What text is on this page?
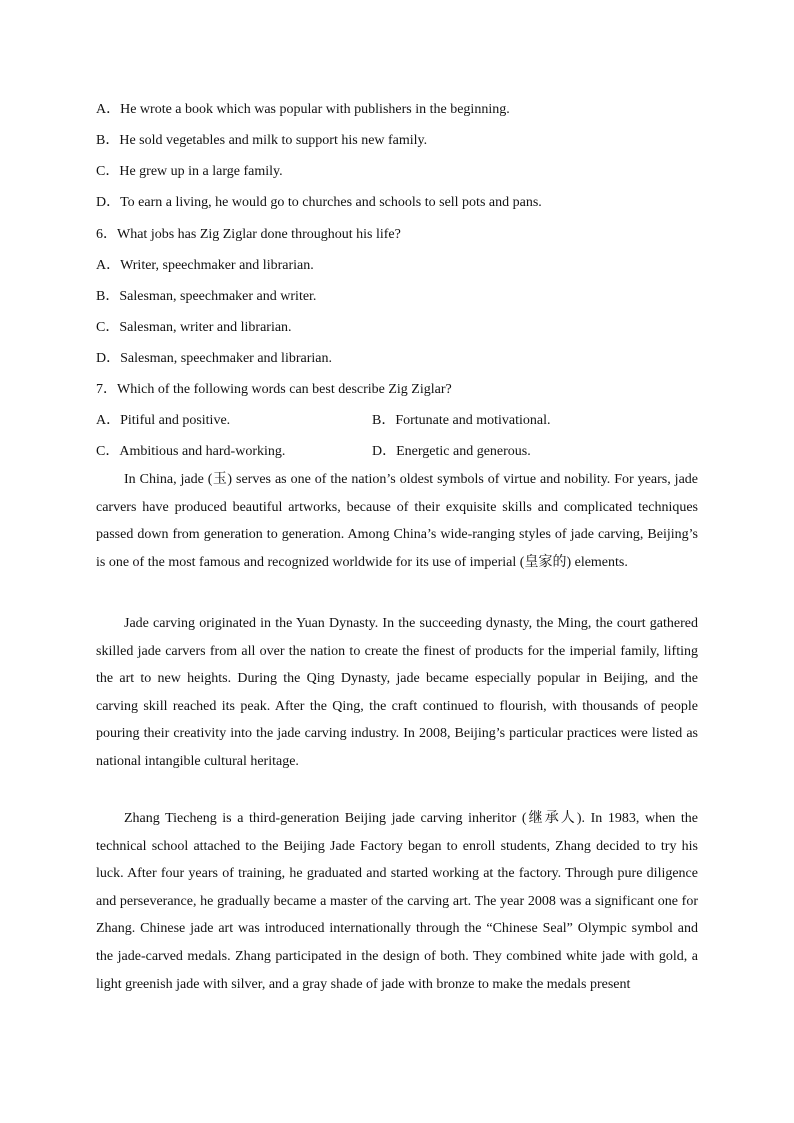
A．He wrote a book which was popular with publishers in the beginning.
B．He sold vegetables and milk to support his new family.
C．He grew up in a large family.
D．To earn a living, he would go to churches and schools to sell pots and pans.
6．What jobs has Zig Ziglar done throughout his life?
A．Writer, speechmaker and librarian.
B．Salesman, speechmaker and writer.
C．Salesman, writer and librarian.
D．Salesman, speechmaker and librarian.
7．Which of the following words can best describe Zig Ziglar?
A．Pitiful and positive.	B．Fortunate and motivational.
C．Ambitious and hard-working.	D．Energetic and generous.

In China, jade (玉) serves as one of the nation’s oldest symbols of virtue and nobility. For years, jade carvers have produced beautiful artworks, because of their exquisite skills and complicated techniques passed down from generation to generation. Among China’s wide-ranging styles of jade carving, Beijing’s is one of the most famous and recognized worldwide for its use of imperial (皇家的) elements.

Jade carving originated in the Yuan Dynasty. In the succeeding dynasty, the Ming, the court gathered skilled jade carvers from all over the nation to create the finest of products for the imperial family, lifting the art to new heights. During the Qing Dynasty, jade became especially popular in Beijing, and the carving skill reached its peak. After the Qing, the craft continued to flourish, with thousands of people pouring their creativity into the jade carving industry. In 2008, Beijing’s particular practices were listed as national intangible cultural heritage.

Zhang Tiecheng is a third-generation Beijing jade carving inheritor (继承人). In 1983, when the technical school attached to the Beijing Jade Factory began to enroll students, Zhang decided to try his luck. After four years of training, he graduated and started working at the factory. Through pure diligence and perseverance, he gradually became a master of the carving art. The year 2008 was a significant one for Zhang. Chinese jade art was introduced internationally through the “Chinese Seal” Olympic symbol and the jade-carved medals. Zhang participated in the design of both. They combined white jade with gold, a light greenish jade with silver, and a gray shade of jade with bronze to make the medals present
